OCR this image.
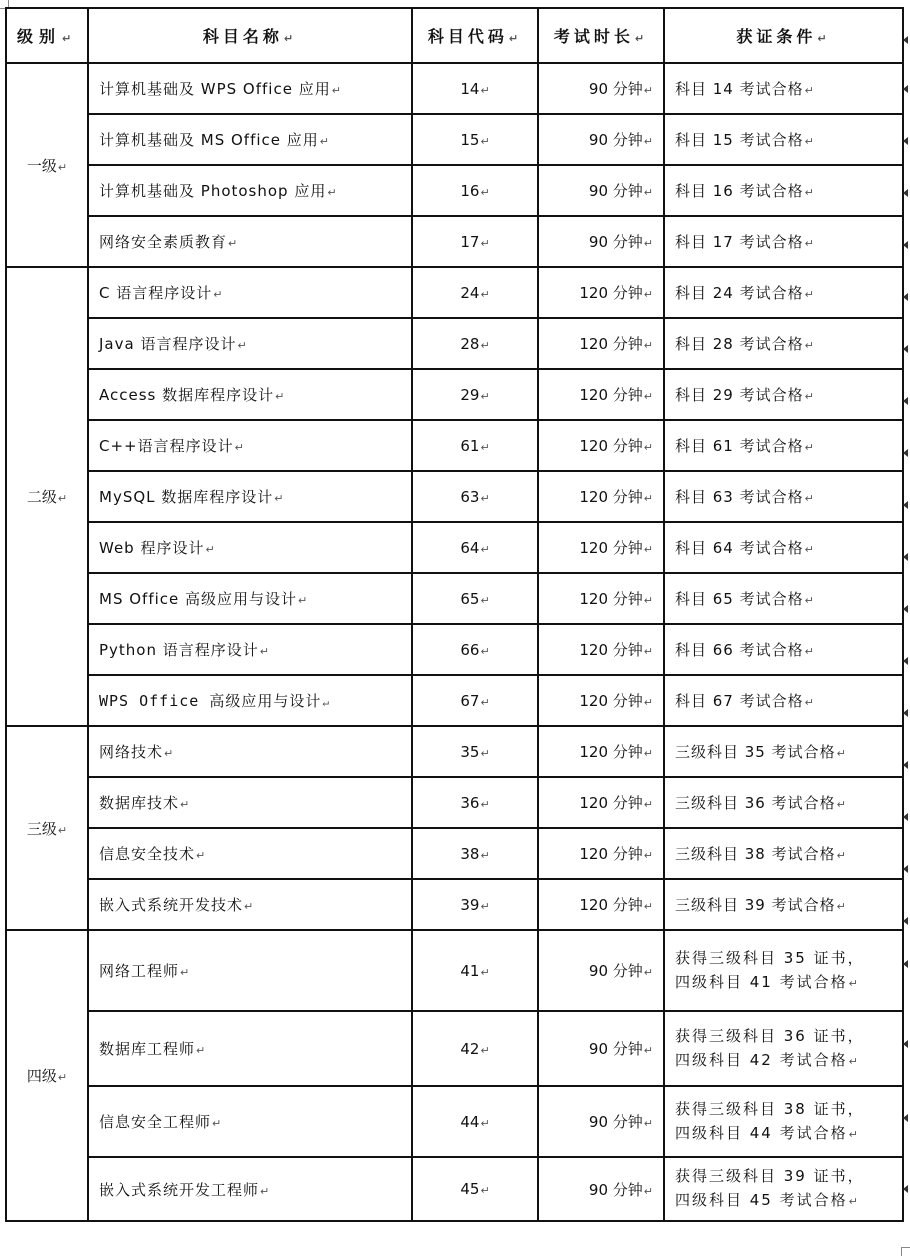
级别↵	科目名称↵	科目代码↵	考试时长↵	获证条件↵
一级↵	计算机基础及 WPS Office 应用↵	14↵	90 分钟↵	科目 14 考试合格↵
	计算机基础及 MS Office 应用↵	15↵	90 分钟↵	科目 15 考试合格↵
	计算机基础及 Photoshop 应用↵	16↵	90 分钟↵	科目 16 考试合格↵
	网络安全素质教育↵	17↵	90 分钟↵	科目 17 考试合格↵
二级↵	C 语言程序设计↵	24↵	120 分钟↵	科目 24 考试合格↵
	Java 语言程序设计↵	28↵	120 分钟↵	科目 28 考试合格↵
	Access 数据库程序设计↵	29↵	120 分钟↵	科目 29 考试合格↵
	C++语言程序设计↵	61↵	120 分钟↵	科目 61 考试合格↵
	MySQL 数据库程序设计↵	63↵	120 分钟↵	科目 63 考试合格↵
	Web 程序设计↵	64↵	120 分钟↵	科目 64 考试合格↵
	MS Office 高级应用与设计↵	65↵	120 分钟↵	科目 65 考试合格↵
	Python 语言程序设计↵	66↵	120 分钟↵	科目 66 考试合格↵
	WPS Office 高级应用与设计↵	67↵	120 分钟↵	科目 67 考试合格↵
三级↵	网络技术↵	35↵	120 分钟↵	三级科目 35 考试合格↵
	数据库技术↵	36↵	120 分钟↵	三级科目 36 考试合格↵
	信息安全技术↵	38↵	120 分钟↵	三级科目 38 考试合格↵
	嵌入式系统开发技术↵	39↵	120 分钟↵	三级科目 39 考试合格↵
四级↵	网络工程师↵	41↵	90 分钟↵	获得三级科目 35 证书，
四级科目 41 考试合格↵

	数据库工程师↵	42↵	90 分钟↵	获得三级科目 36 证书，
四级科目 42 考试合格↵

	信息安全工程师↵	44↵	90 分钟↵	获得三级科目 38 证书，
四级科目 44 考试合格↵

	嵌入式系统开发工程师↵	45↵	90 分钟↵	获得三级科目 39 证书，
四级科目 45 考试合格↵
